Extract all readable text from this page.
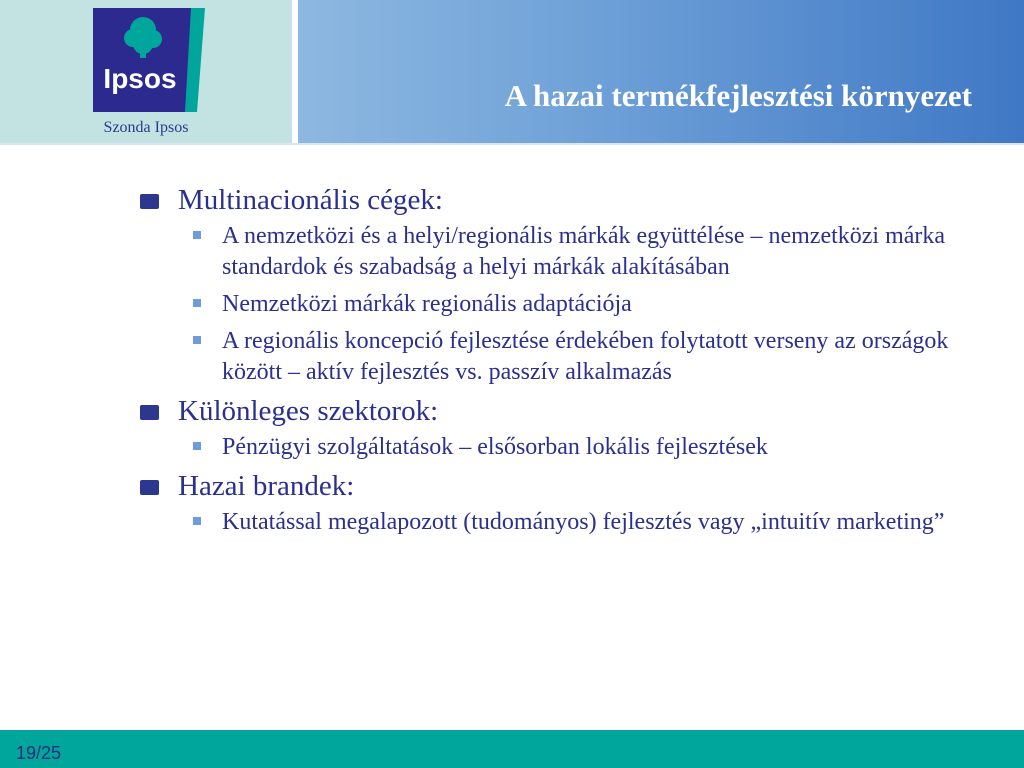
Ipsos
Szonda Ipsos
A hazai termékfejlesztési környezet
Multinacionális cégek:
A nemzetközi és a helyi/regionális márkák együttélése – nemzetközi márka standardok és szabadság a helyi márkák alakításában
Nemzetközi márkák regionális adaptációja
A regionális koncepció fejlesztése érdekében folytatott verseny az országok között – aktív fejlesztés vs. passzív alkalmazás
Különleges szektorok:
Pénzügyi szolgáltatások – elsősorban lokális fejlesztések
Hazai brandek:
Kutatással megalapozott (tudományos) fejlesztés vagy „intuitív marketing”
19/25
